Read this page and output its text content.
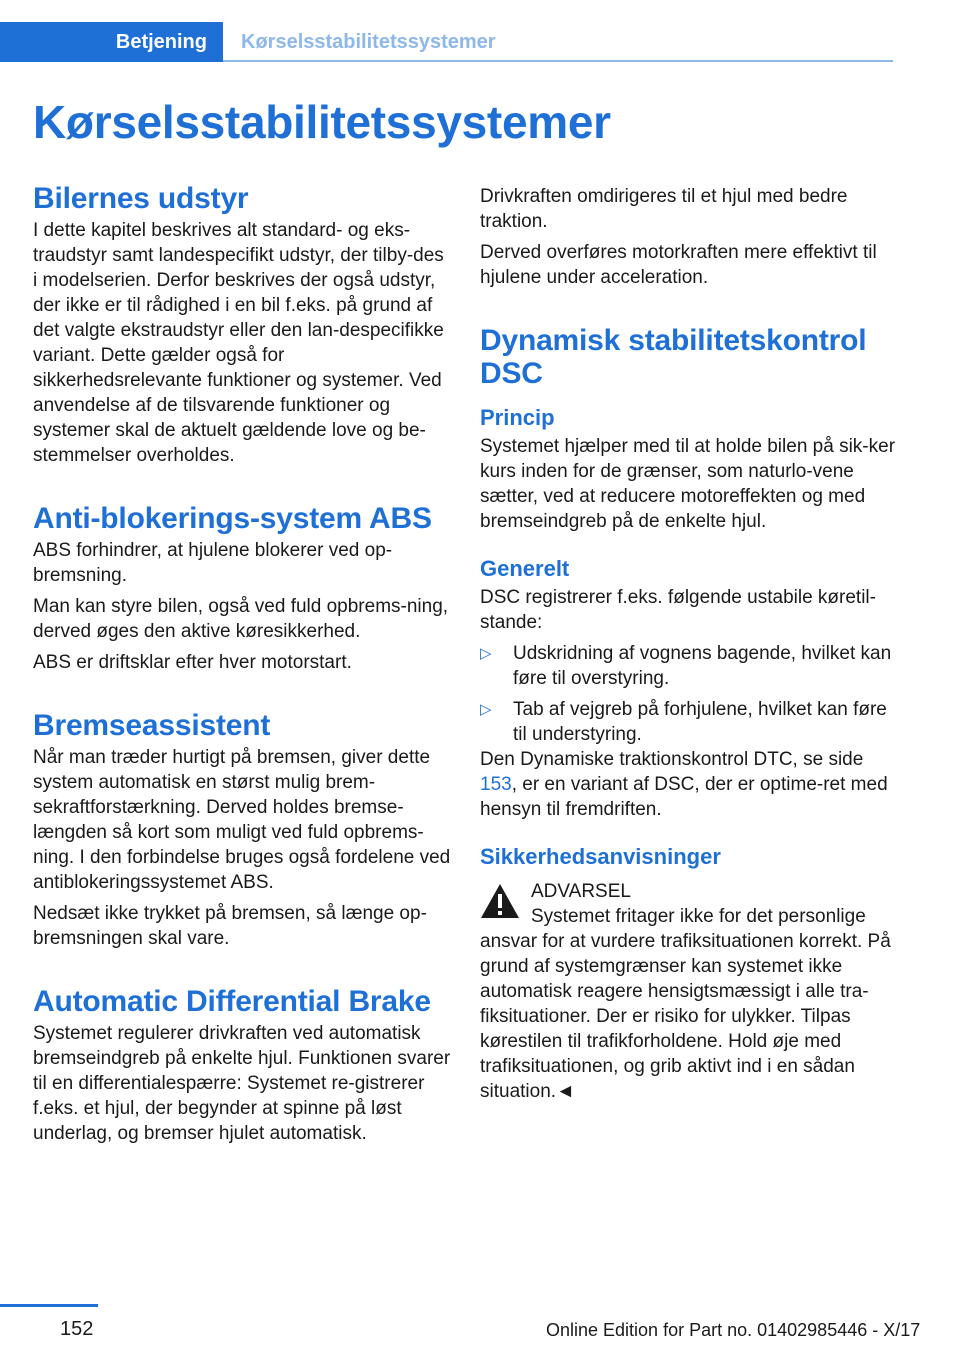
Betjening	Kørselsstabilitetssystemer
Kørselsstabilitetssystemer
Bilernes udstyr

I dette kapitel beskrives alt standard- og eks-traudstyr samt landespecifikt udstyr, der tilby-des i modelserien. Derfor beskrives der også udstyr, der ikke er til rådighed i en bil f.eks. på grund af det valgte ekstraudstyr eller den lan-despecifikke variant. Dette gælder også for sikkerhedsrelevante funktioner og systemer. Ved anvendelse af de tilsvarende funktioner og systemer skal de aktuelt gældende love og be-stemmelser overholdes.

Anti-blokerings-system ABS

ABS forhindrer, at hjulene blokerer ved op-bremsning.

Man kan styre bilen, også ved fuld opbrems-ning, derved øges den aktive køresikkerhed.

ABS er driftsklar efter hver motorstart.

Bremseassistent

Når man træder hurtigt på bremsen, giver dette system automatisk en størst mulig brem-sekraftforstærkning. Derved holdes bremse-længden så kort som muligt ved fuld opbrems-ning. I den forbindelse bruges også fordelene ved antiblokeringssystemet ABS.

Nedsæt ikke trykket på bremsen, så længe op-bremsningen skal vare.

Automatic Differential Brake

Systemet regulerer drivkraften ved automatisk bremseindgreb på enkelte hjul. Funktionen svarer til en differentialespærre: Systemet re-gistrerer f.eks. et hjul, der begynder at spinne på løst underlag, og bremser hjulet automatisk.

Drivkraften omdirigeres til et hjul med bedre traktion.

Derved overføres motorkraften mere effektivt til hjulene under acceleration.

Dynamisk stabilitetskontrol DSC
Princip

Systemet hjælper med til at holde bilen på sik-ker kurs inden for de grænser, som naturlo-vene sætter, ved at reducere motoreffekten og med bremseindgreb på de enkelte hjul.

Generelt

DSC registrerer f.eks. følgende ustabile køretil-stande:

▷ Udskridning af vognens bagende, hvilket kan føre til overstyring.
▷ Tab af vejgreb på forhjulene, hvilket kan føre til understyring.

Den Dynamiske traktionskontrol DTC, se side 153, er en variant af DSC, der er optime-ret med hensyn til fremdriften.

Sikkerhedsanvisninger

ADVARSEL

Systemet fritager ikke for det personlige

ansvar for at vurdere trafiksituationen korrekt. På grund af systemgrænser kan systemet ikke automatisk reagere hensigtsmæssigt i alle tra-fiksituationer. Der er risiko for ulykker. Tilpas kørestilen til trafikforholdene. Hold øje med trafiksituationen, og grib aktivt ind i en sådan situation.◄

152	Online Edition for Part no. 01402985446 - X/17
